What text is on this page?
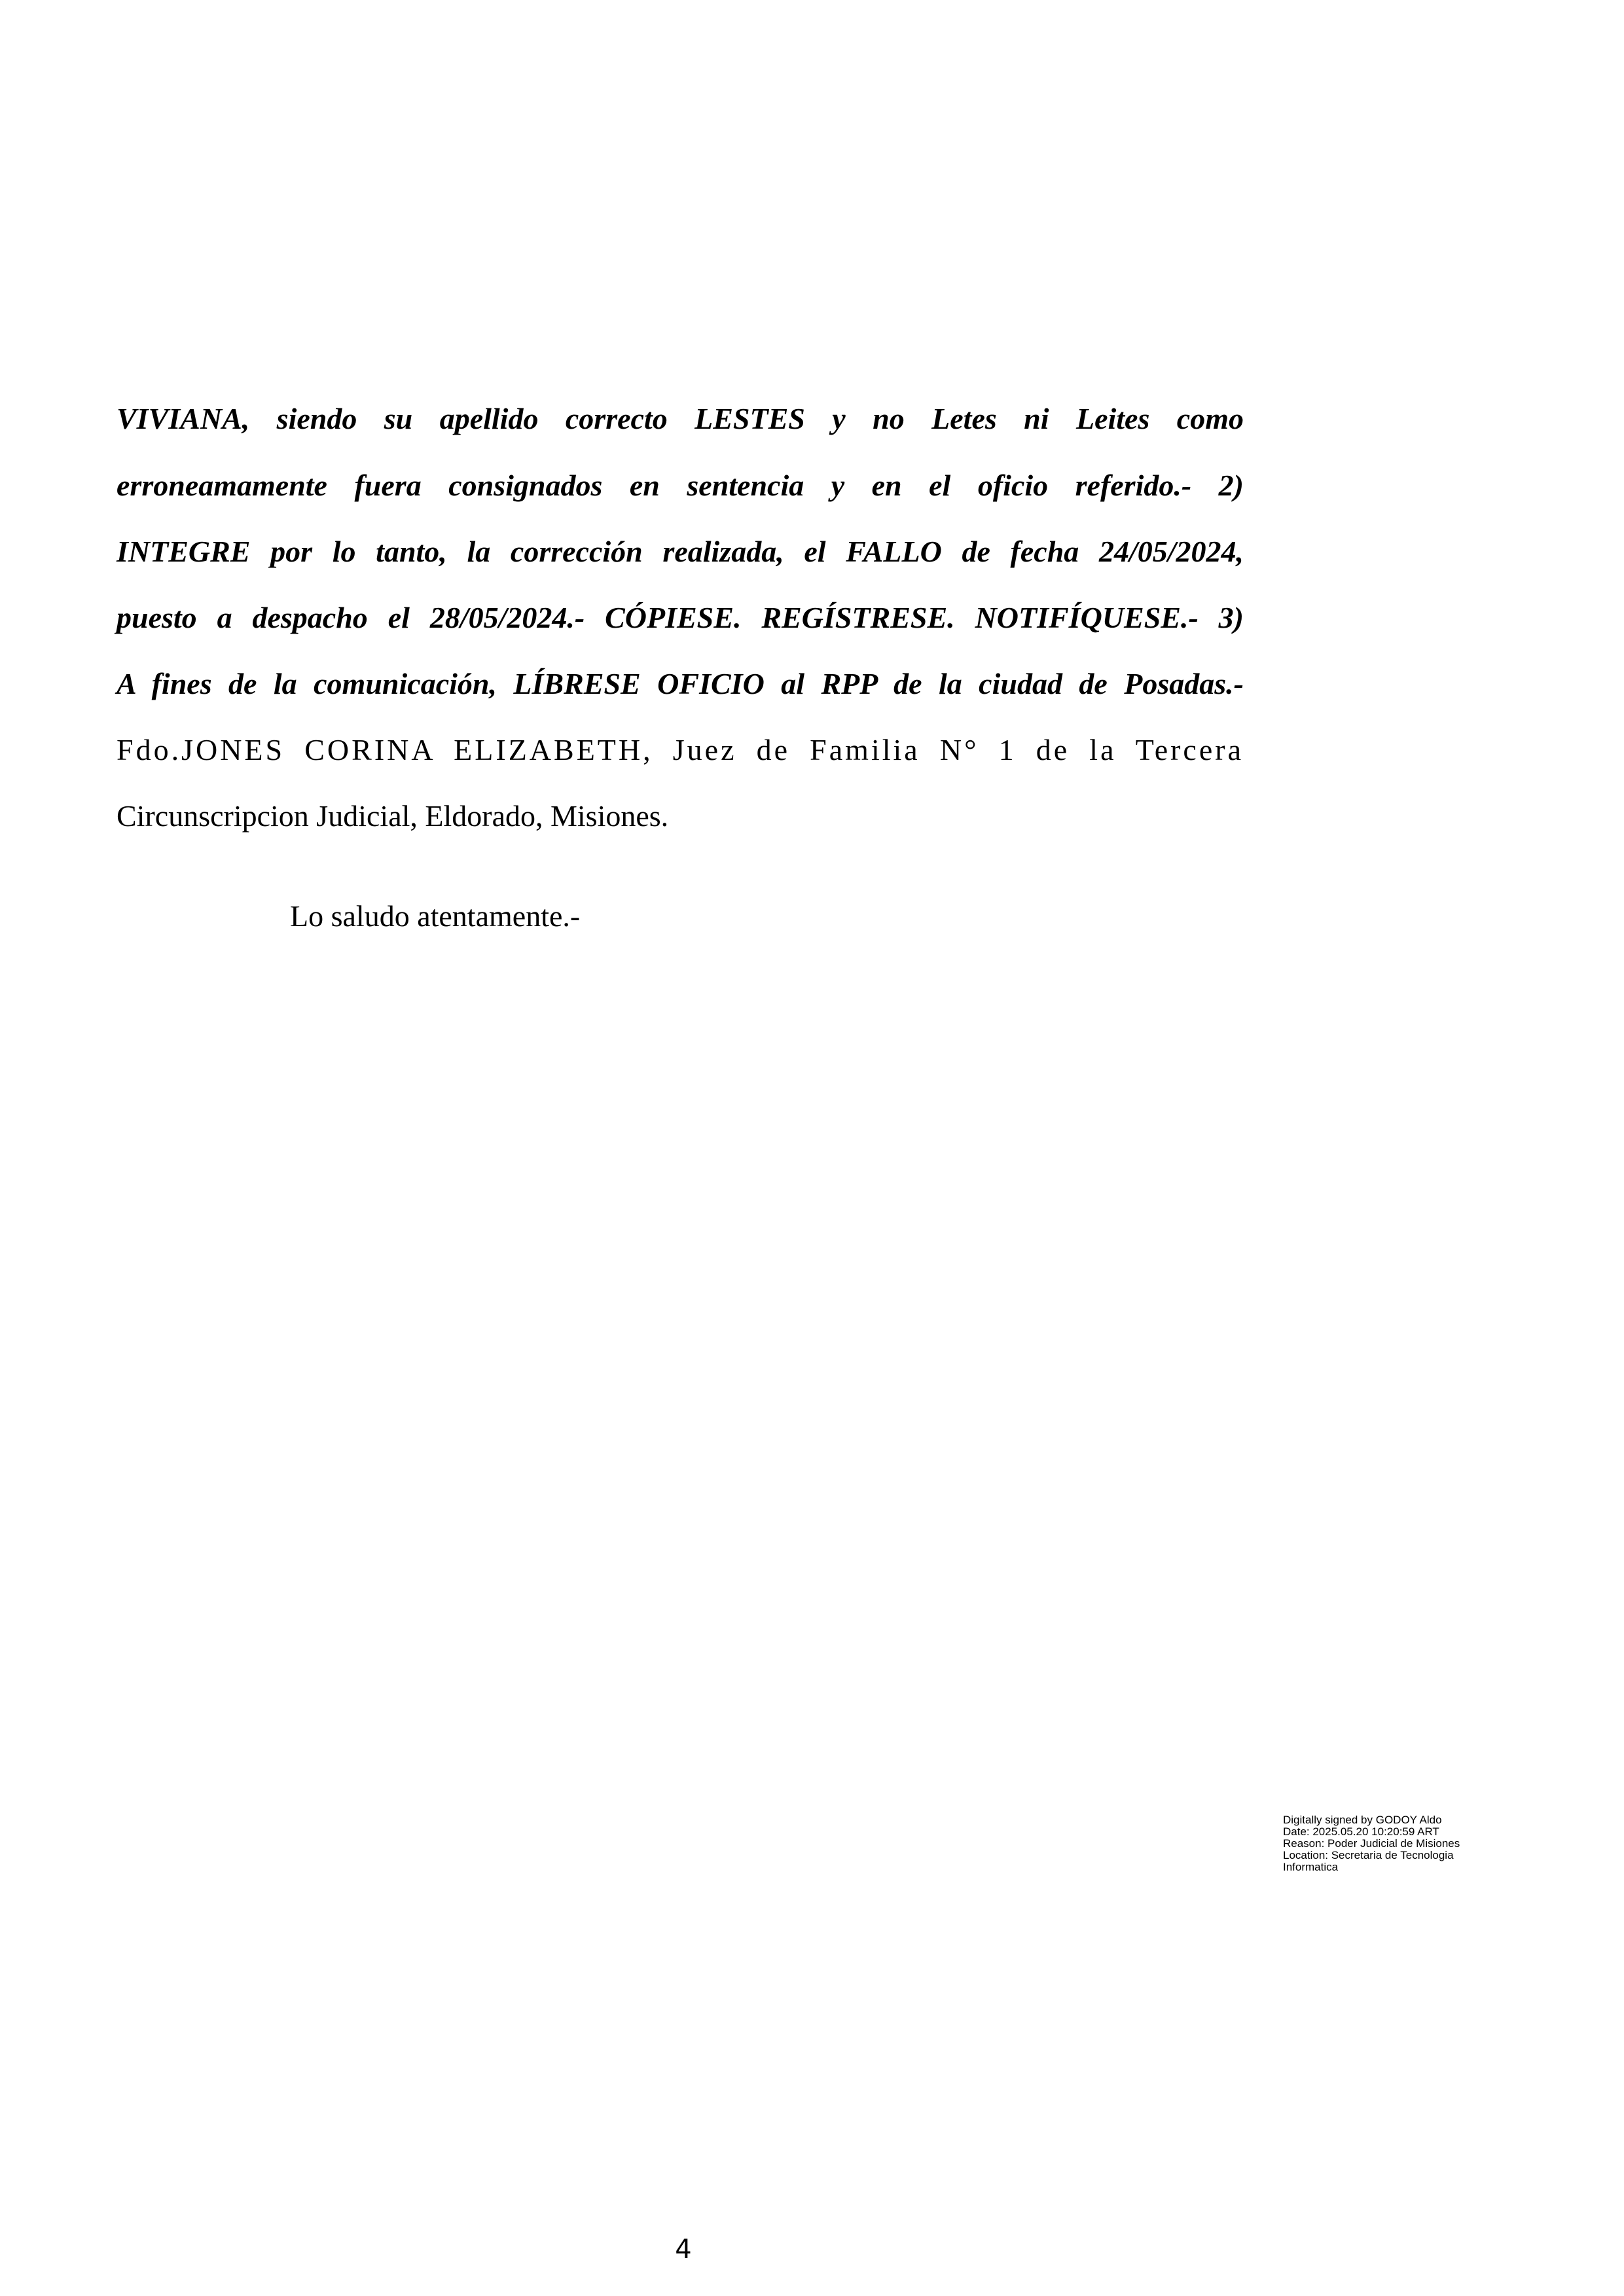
VIVIANA, siendo su apellido correcto LESTES y no Letes ni Leites como
erroneamamente fuera consignados en sentencia y en el oficio referido.- 2)
INTEGRE por lo tanto, la corrección realizada, el FALLO de fecha 24/05/2024,
puesto a despacho el 28/05/2024.- CÓPIESE. REGÍSTRESE. NOTIFÍQUESE.- 3)
A fines de la comunicación, LÍBRESE OFICIO al RPP de la ciudad de Posadas.-
Fdo.JONES CORINA ELIZABETH, Juez de Familia N° 1 de la Tercera
Circunscripcion Judicial, Eldorado, Misiones.
Lo saludo atentamente.-
Digitally signed by GODOY Aldo
Date: 2025.05.20 10:20:59 ART
Reason: Poder Judicial de Misiones
Location: Secretaria de Tecnologia
Informatica
4
